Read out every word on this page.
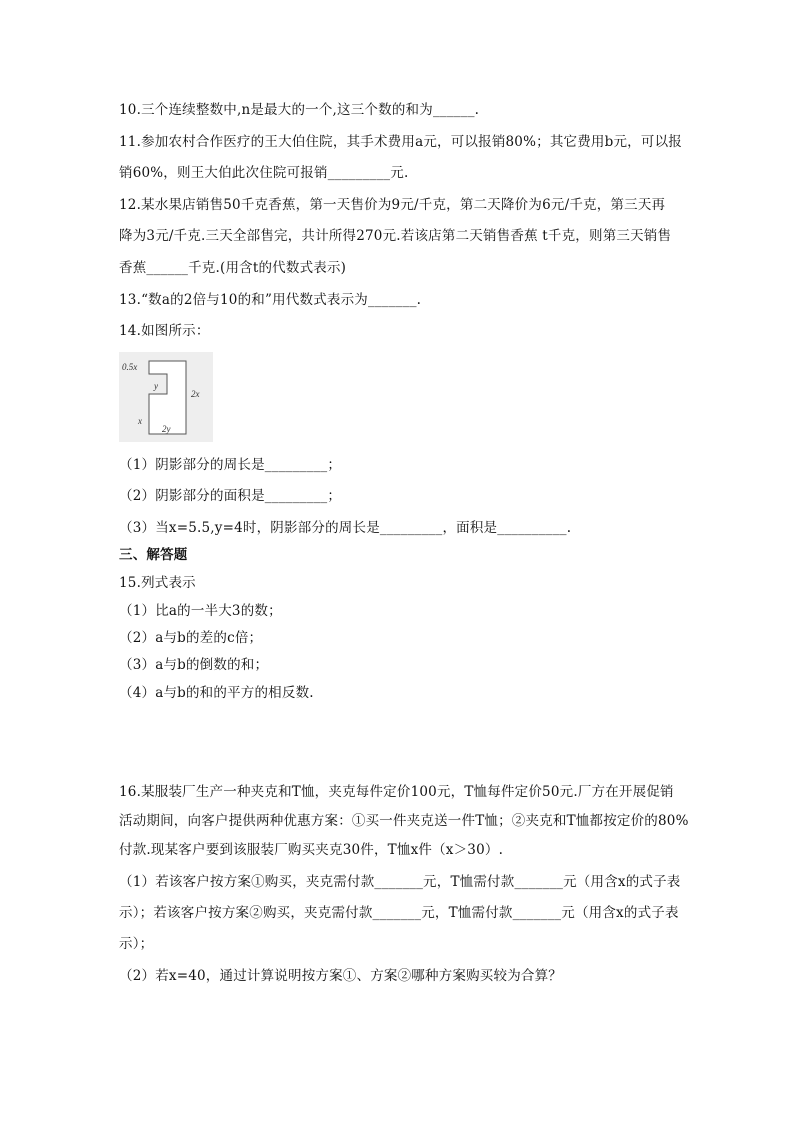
10.三个连续整数中,n是最大的一个,这三个数的和为______.
11.参加农村合作医疗的王大伯住院，其手术费用a元，可以报销80%；其它费用b元，可以报
销60%，则王大伯此次住院可报销_________元.
12.某水果店销售50千克香蕉，第一天售价为9元/千克，第二天降价为6元/千克，第三天再
降为3元/千克.三天全部售完，共计所得270元.若该店第二天销售香蕉 t千克，则第三天销售
香蕉______千克.(用含t的代数式表示)
13.“数a的2倍与10的和”用代数式表示为_______.
14.如图所示：
0.5x
y
2x
x
2y
（1）阴影部分的周长是_________；
（2）阴影部分的面积是_________；
（3）当x=5.5,y=4时，阴影部分的周长是_________，面积是__________.
三、解答题
15.列式表示
（1）比a的一半大3的数；
（2）a与b的差的c倍；
（3）a与b的倒数的和；
（4）a与b的和的平方的相反数.
16.某服装厂生产一种夹克和T恤，夹克每件定价100元，T恤每件定价50元.厂方在开展促销
活动期间，向客户提供两种优惠方案：①买一件夹克送一件T恤；②夹克和T恤都按定价的80%
付款.现某客户要到该服装厂购买夹克30件，T恤x件（x＞30）.
（1）若该客户按方案①购买，夹克需付款_______元，T恤需付款_______元（用含x的式子表
示）；若该客户按方案②购买，夹克需付款_______元，T恤需付款_______元（用含x的式子表
示）；
（2）若x=40，通过计算说明按方案①、方案②哪种方案购买较为合算？
